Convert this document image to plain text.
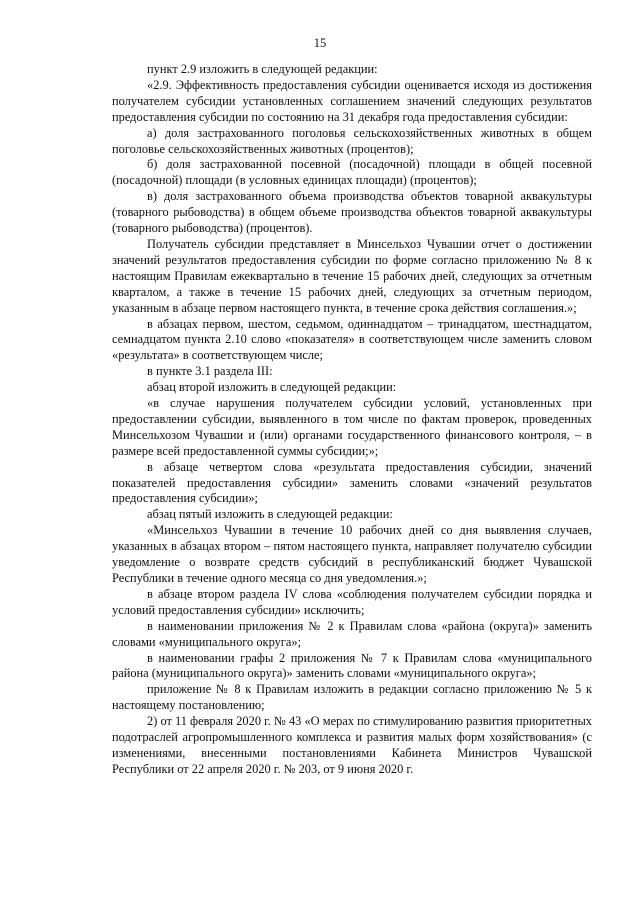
15

пункт 2.9 изложить в следующей редакции:

«2.9. Эффективность предоставления субсидии оценивается исходя из достижения получателем субсидии установленных соглашением значений следующих результатов предоставления субсидии по состоянию на 31 декабря года предоставления субсидии:

а) доля застрахованного поголовья сельскохозяйственных животных в общем поголовье сельскохозяйственных животных (процентов);

б) доля застрахованной посевной (посадочной) площади в общей посевной (посадочной) площади (в условных единицах площади) (процентов);

в) доля застрахованного объема производства объектов товарной аквакультуры (товарного рыбоводства) в общем объеме производства объектов товарной аквакультуры (товарного рыбоводства) (процентов).

Получатель субсидии представляет в Минсельхоз Чувашии отчет о достижении значений результатов предоставления субсидии по форме согласно приложению № 8 к настоящим Правилам ежеквартально в течение 15 рабочих дней, следующих за отчетным кварталом, а также в течение 15 рабочих дней, следующих за отчетным периодом, указанным в абзаце первом настоящего пункта, в течение срока действия соглашения.»;

в абзацах первом, шестом, седьмом, одиннадцатом – тринадцатом, шестнадцатом, семнадцатом пункта 2.10 слово «показателя» в соответствующем числе заменить словом «результата» в соответствующем числе;

в пункте 3.1 раздела III:

абзац второй изложить в следующей редакции:

«в случае нарушения получателем субсидии условий, установленных при предоставлении субсидии, выявленного в том числе по фактам проверок, проведенных Минсельхозом Чувашии и (или) органами государственного финансового контроля, – в размере всей предоставленной суммы субсидии;»;

в абзаце четвертом слова «результата предоставления субсидии, значений показателей предоставления субсидии» заменить словами «значений результатов предоставления субсидии»;

абзац пятый изложить в следующей редакции:

«Минсельхоз Чувашии в течение 10 рабочих дней со дня выявления случаев, указанных в абзацах втором – пятом настоящего пункта, направляет получателю субсидии уведомление о возврате средств субсидий в республиканский бюджет Чувашской Республики в течение одного месяца со дня уведомления.»;

в абзаце втором раздела IV слова «соблюдения получателем субсидии порядка и условий предоставления субсидии» исключить;

в наименовании приложения № 2 к Правилам слова «района (округа)» заменить словами «муниципального округа»;

в наименовании графы 2 приложения № 7 к Правилам слова «муниципального района (муниципального округа)» заменить словами «муниципального округа»;

приложение № 8 к Правилам изложить в редакции согласно приложению № 5 к настоящему постановлению;

2) от 11 февраля 2020 г. № 43 «О мерах по стимулированию развития приоритетных подотраслей агропромышленного комплекса и развития малых форм хозяйствования» (с изменениями, внесенными постановлениями Кабинета Министров Чувашской Республики от 22 апреля 2020 г. № 203, от 9 июня 2020 г.
